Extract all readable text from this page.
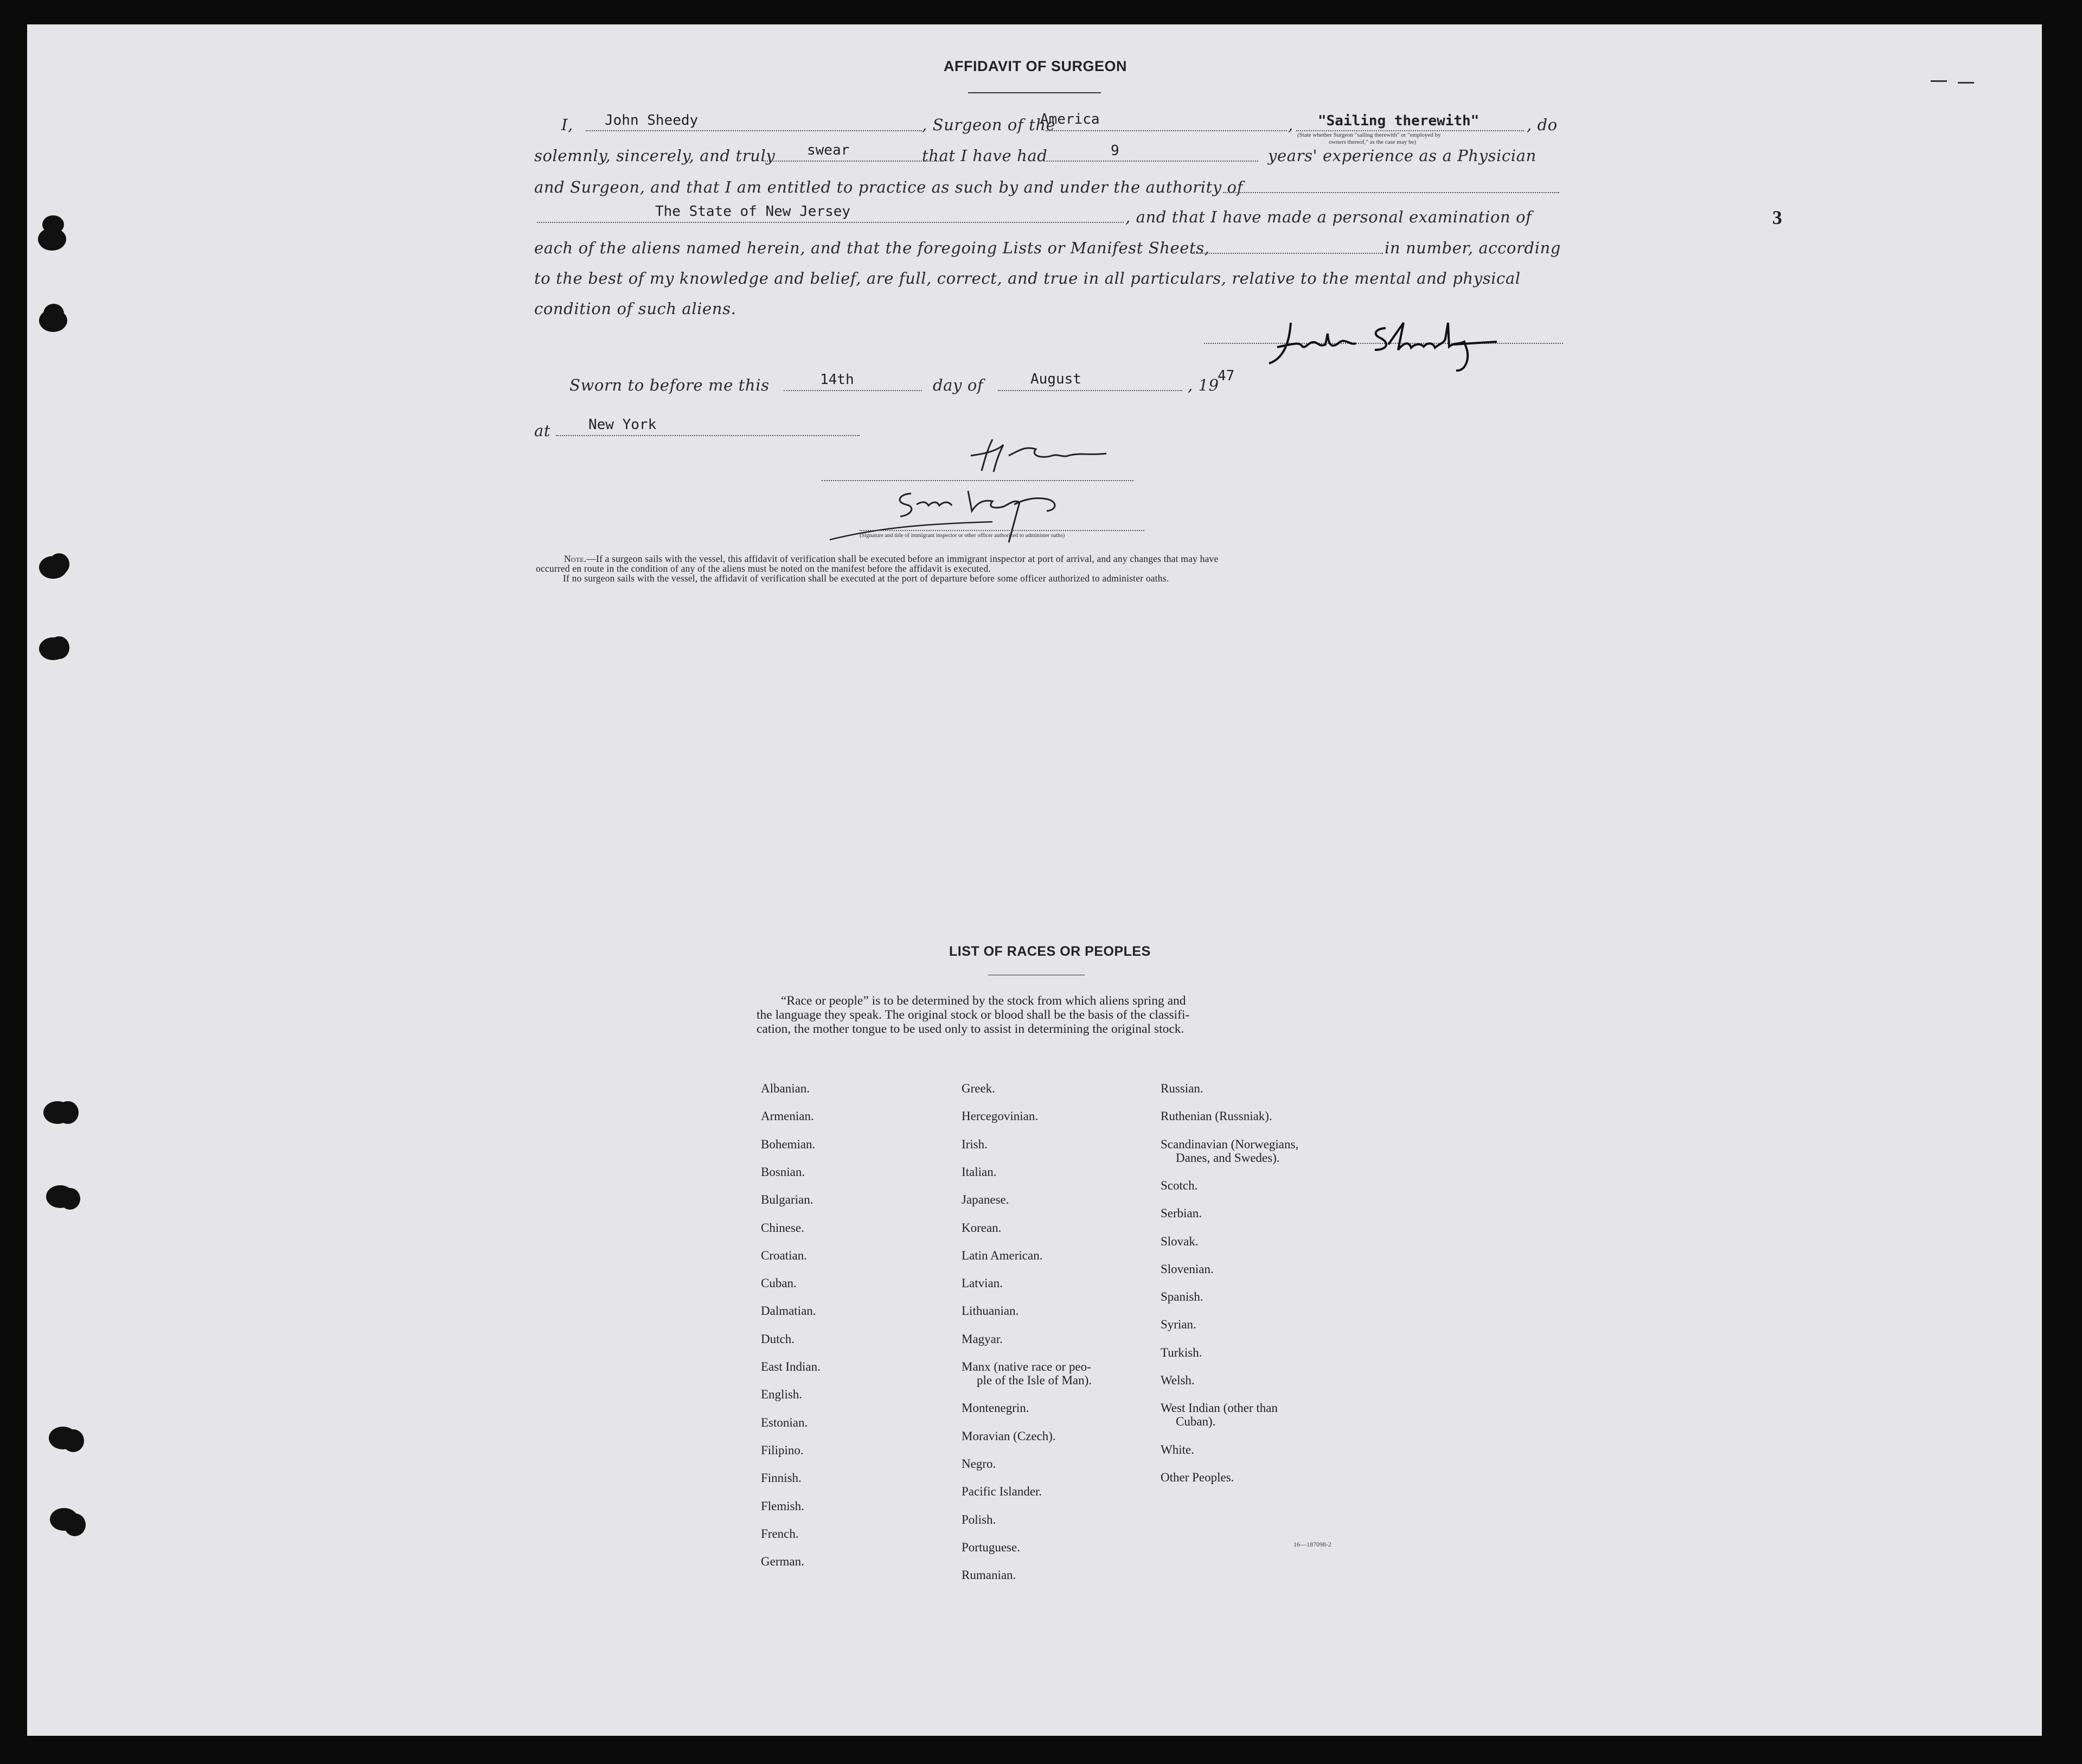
AFFIDAVIT OF SURGEON
I, John Sheedy	, Surgeon of the
America	, "Sailing therewith"
(State whether Surgeon "sailing therewith" or "employed by
owners thereof," as the case may be)
, do
solemnly, sincerely, and truly swear	that I have had	9	years' experience as a Physician
and Surgeon, and that I am entitled to practice as such by and under the authority of
The State of New Jersey	, and that I have made a personal examination of
each of the aliens named herein, and that the foregoing Lists or Manifest Sheets,	in number, according
to the best of my knowledge and belief, are full, correct, and true in all particulars, relative to the mental and physical
condition of such aliens.
Sworn to before me this	14th	day of	August	, 19
47
at	New York
(Signature and title of immigrant inspector or other officer authorized to administer oaths)
Note.—If a surgeon sails with the vessel, this affidavit of verification shall be executed before an immigrant inspector at port of arrival, and any changes that may have
occurred en route in the condition of any of the aliens must be noted on the manifest before the affidavit is executed.
If no surgeon sails with the vessel, the affidavit of verification shall be executed at the port of departure before some officer authorized to administer oaths.
3
LIST OF RACES OR PEOPLES
“Race or people” is to be determined by the stock from which aliens spring and
the language they speak. The original stock or blood shall be the basis of the classifi-
cation, the mother tongue to be used only to assist in determining the original stock.
16—187098-2
Albanian.
Armenian.
Bohemian.
Bosnian.
Bulgarian.
Chinese.
Croatian.
Cuban.
Dalmatian.
Dutch.
East Indian.
English.
Estonian.
Filipino.
Finnish.
Flemish.
French.
German.
Greek.
Hercegovinian.
Irish.
Italian.
Japanese.
Korean.
Latin American.
Latvian.
Lithuanian.
Magyar.
Manx (native race or peo-
ple of the Isle of Man).
Montenegrin.
Moravian (Czech).
Negro.
Pacific Islander.
Polish.
Portuguese.
Rumanian.
Russian.
Ruthenian (Russniak).
Scandinavian (Norwegians,
Danes, and Swedes).
Scotch.
Serbian.
Slovak.
Slovenian.
Spanish.
Syrian.
Turkish.
Welsh.
West Indian (other than
Cuban).
White.
Other Peoples.
